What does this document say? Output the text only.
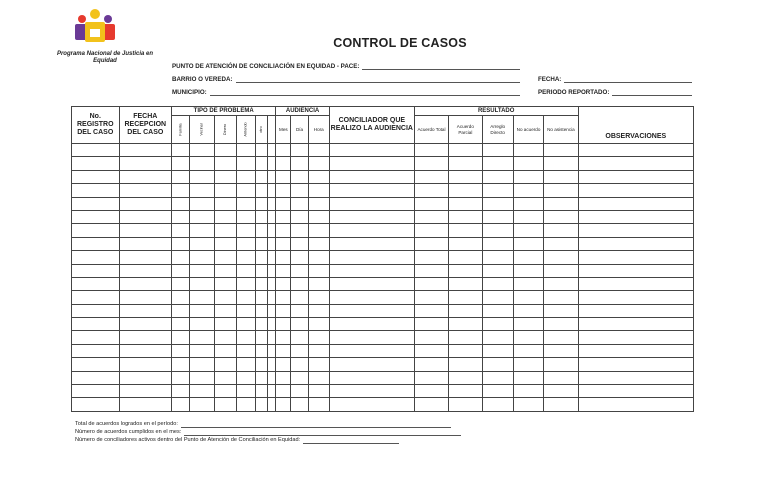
Programa Nacional de Justicia en Equidad
CONTROL DE CASOS
PUNTO DE ATENCIÓN DE CONCILIACIÓN EN EQUIDAD - PACE:
BARRIO O VEREDA:
MUNICIPIO:
FECHA:
PERIODO REPORTADO:
No. REGISTRO DEL CASO	FECHA RECEPCION DEL CASO	TIPO DE PROBLEMA						AUDIENCIA			CONCILIADOR QUE REALIZO LA AUDIENCIA	RESULTADO					OBSERVACIONES
		Familia	Vecinal	Dinero	Arriendo	otro		Mes	Día	Hora		Acuerdo Total	Acuerdo Parcial	Arreglo Directo	No acuerdo	No asistencia	

Total de acuerdos logrados en el período:
Número de acuerdos cumplidos en el mes:
Número de conciliadores activos dentro del Punto de Atención de Conciliación en Equidad:
